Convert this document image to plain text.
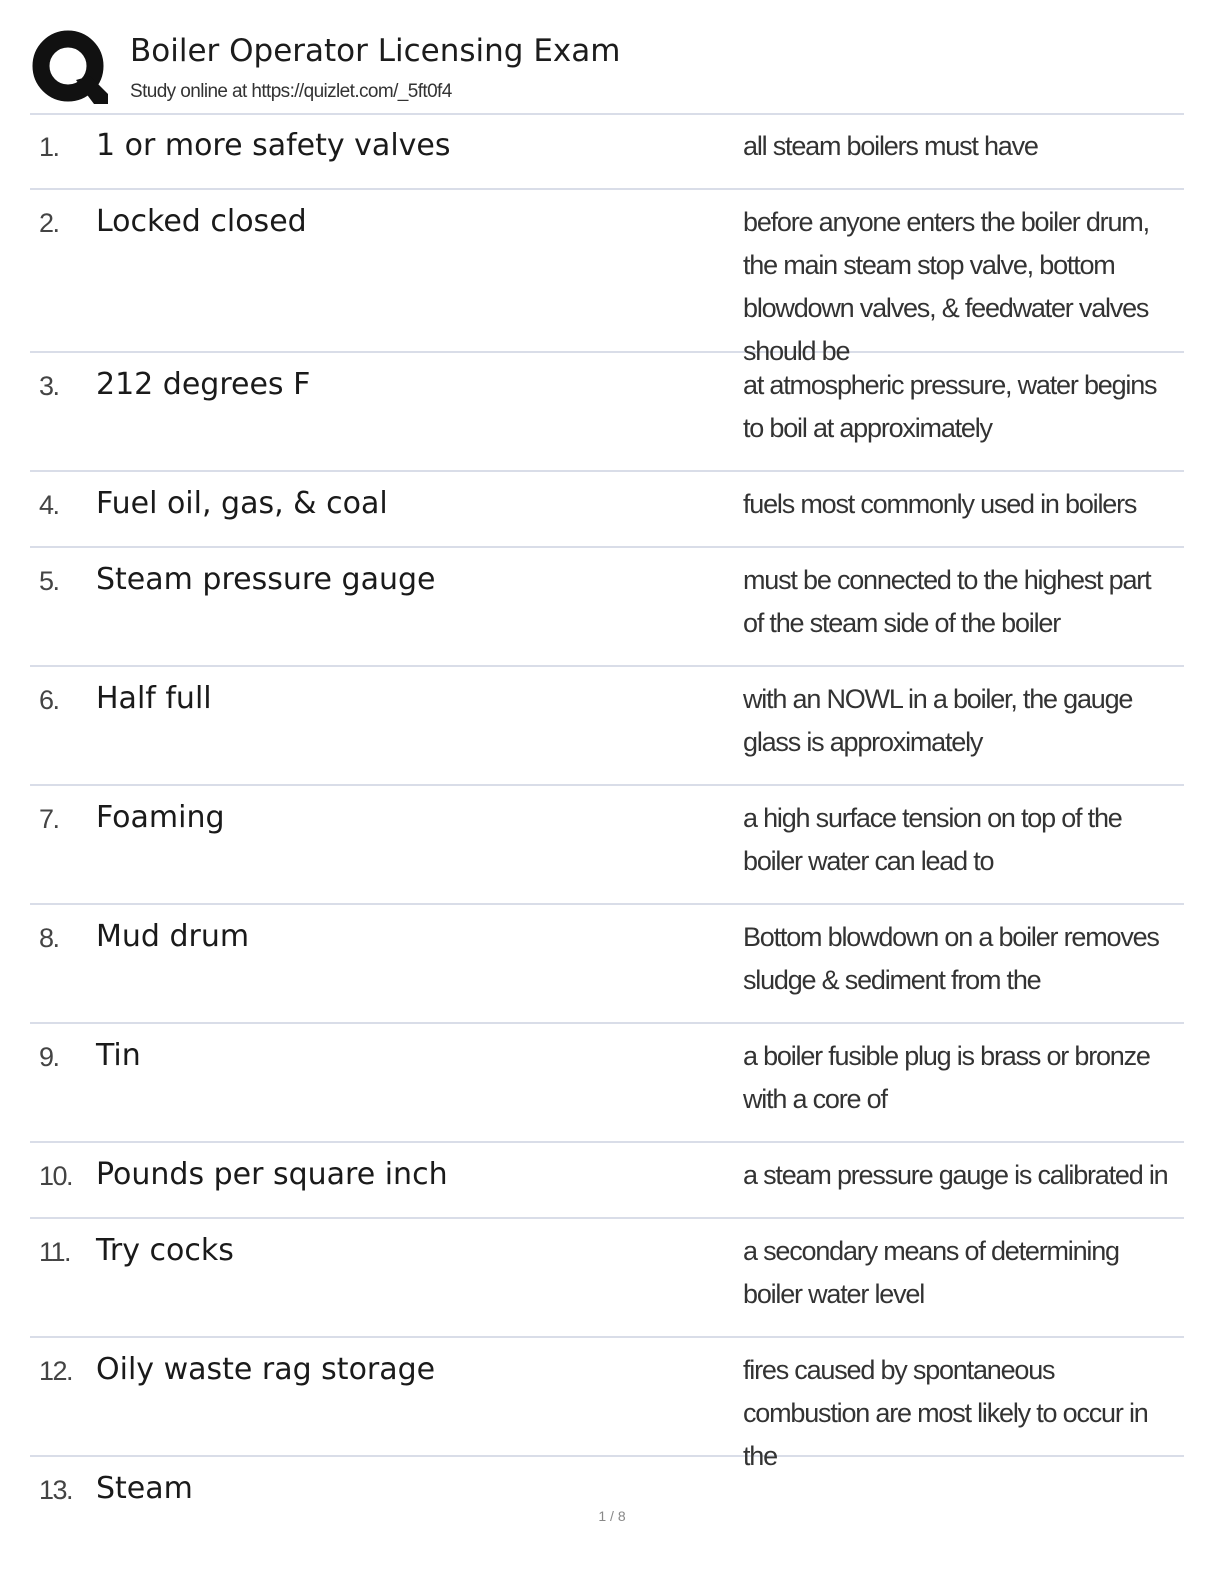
Boiler Operator Licensing Exam
Study online at https://quizlet.com/_5ft0f4
1. 1 or more safety valves	all steam boilers must have
2. Locked closed	before anyone enters the boiler drum, the main steam stop valve, bottom blowdown valves, & feedwater valves should be
3. 212 degrees F	at atmospheric pressure, water begins to boil at approximately
4. Fuel oil, gas, & coal	fuels most commonly used in boilers
5. Steam pressure gauge	must be connected to the highest part of the steam side of the boiler
6. Half full	with an NOWL in a boiler, the gauge glass is approximately
7. Foaming	a high surface tension on top of the boiler water can lead to
8. Mud drum	Bottom blowdown on a boiler removes sludge & sediment from the
9. Tin	a boiler fusible plug is brass or bronze with a core of
10. Pounds per square inch	a steam pressure gauge is calibrated in
11. Try cocks	a secondary means of determining boiler water level
12. Oily waste rag storage	fires caused by spontaneous combustion are most likely to occur in the
13. Steam
1 / 8
